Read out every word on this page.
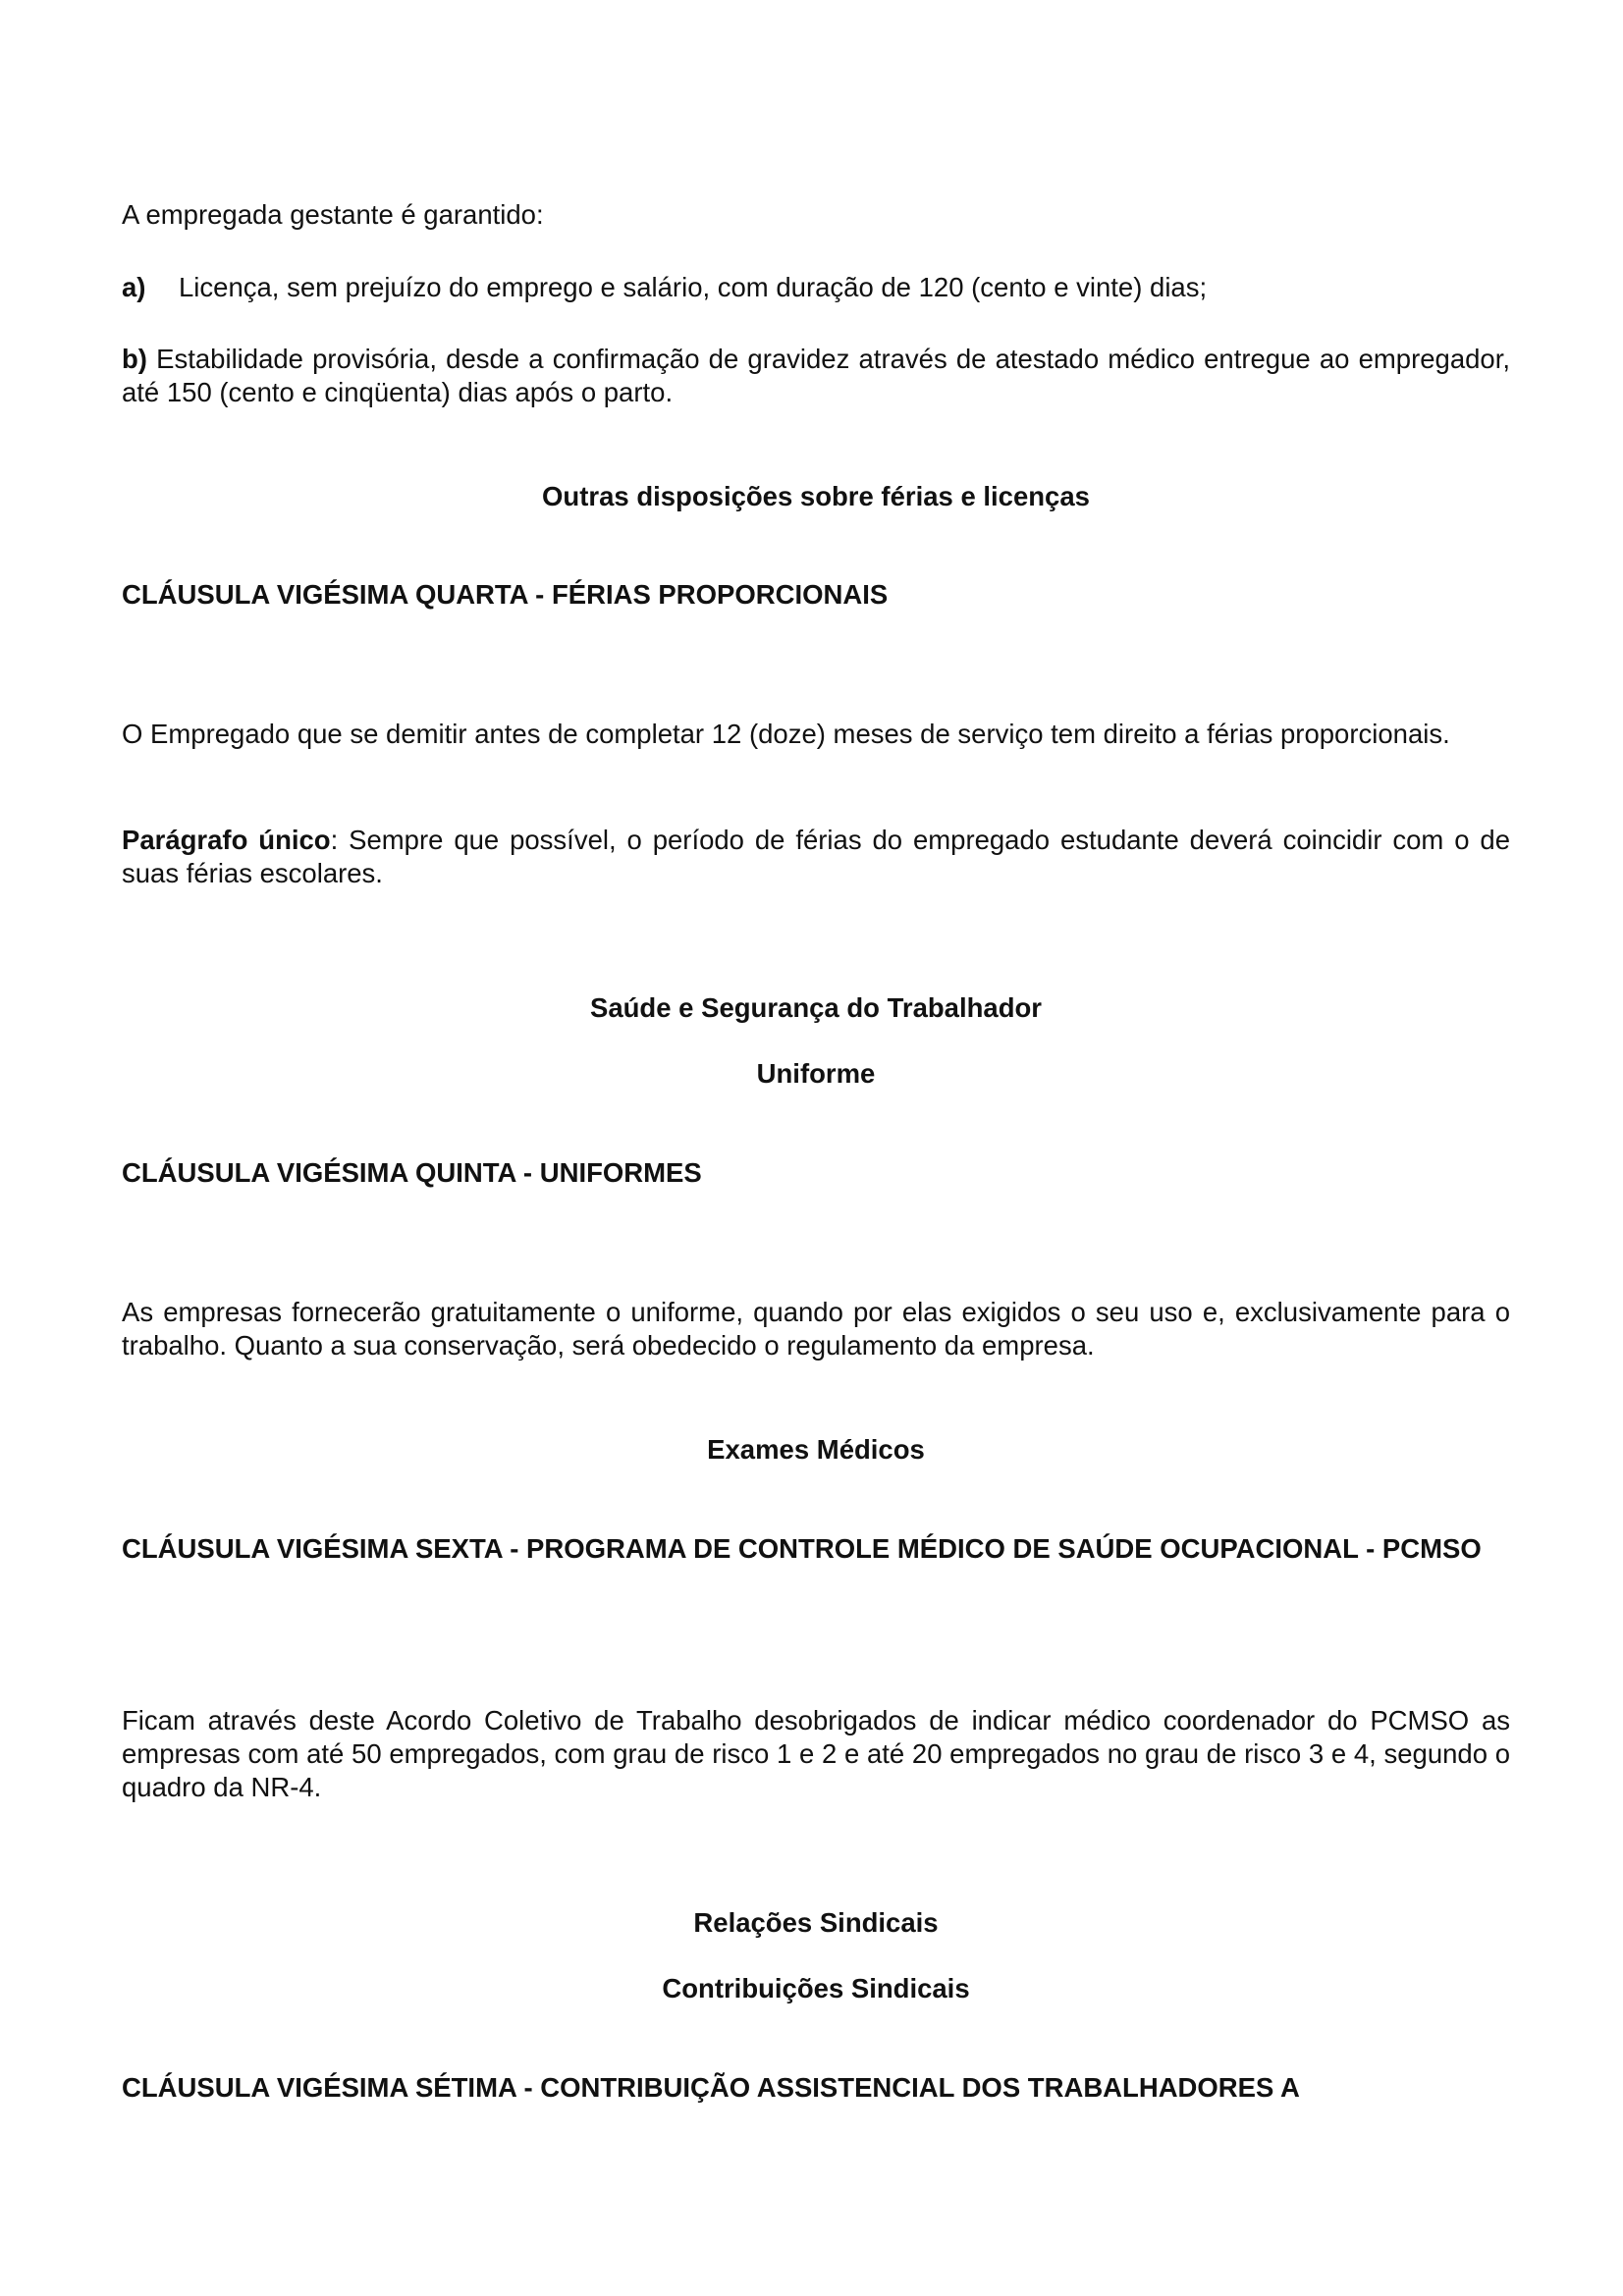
A empregada gestante é garantido:

a) Licença, sem prejuízo do emprego e salário, com duração de 120 (cento e vinte) dias;

b) Estabilidade provisória, desde a confirmação de gravidez através de atestado médico entregue ao empregador, até 150 (cento e cinqüenta) dias após o parto.

Outras disposições sobre férias e licenças

CLÁUSULA VIGÉSIMA QUARTA - FÉRIAS PROPORCIONAIS

O Empregado que se demitir antes de completar 12 (doze) meses de serviço tem direito a férias proporcionais.

Parágrafo único: Sempre que possível, o período de férias do empregado estudante deverá coincidir com o de suas férias escolares.

Saúde e Segurança do Trabalhador

Uniforme

CLÁUSULA VIGÉSIMA QUINTA - UNIFORMES

As empresas fornecerão gratuitamente o uniforme, quando por elas exigidos o seu uso e, exclusivamente para o trabalho. Quanto a sua conservação, será obedecido o regulamento da empresa.

Exames Médicos

CLÁUSULA VIGÉSIMA SEXTA - PROGRAMA DE CONTROLE MÉDICO DE SAÚDE OCUPACIONAL - PCMSO

Ficam através deste Acordo Coletivo de Trabalho desobrigados de indicar médico coordenador do PCMSO as empresas com até 50 empregados, com grau de risco 1 e 2 e até 20 empregados no grau de risco 3 e 4, segundo o quadro da NR-4.

Relações Sindicais

Contribuições Sindicais

CLÁUSULA VIGÉSIMA SÉTIMA - CONTRIBUIÇÃO ASSISTENCIAL DOS TRABALHADORES A
